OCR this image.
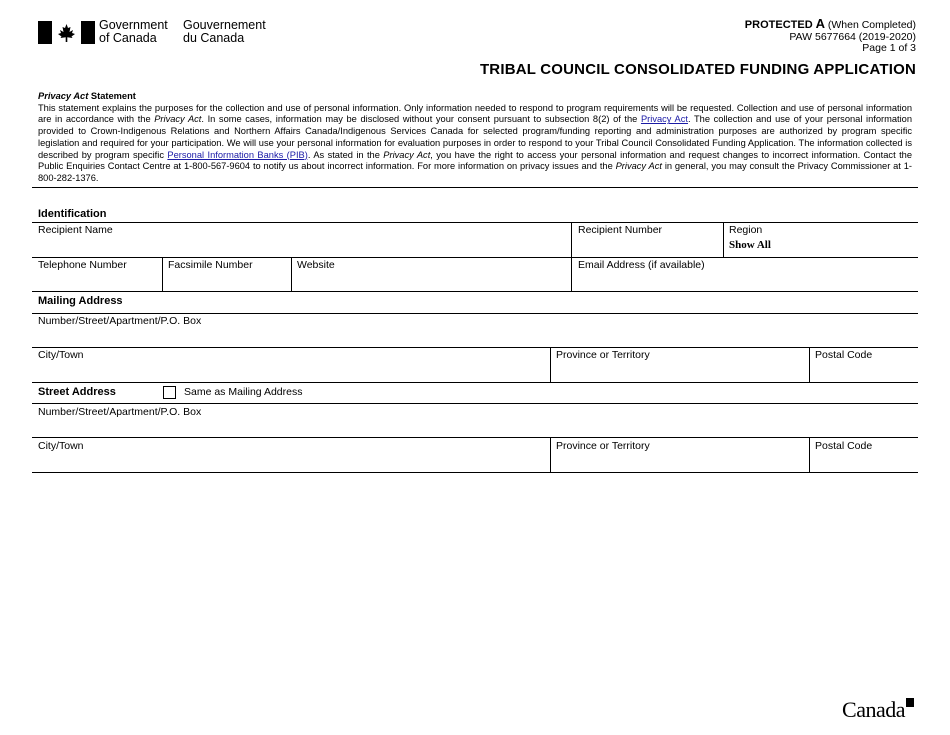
Government
of Canada
Gouvernement
du Canada
PROTECTED A (When Completed)
PAW 5677664 (2019-2020)
Page 1 of 3
TRIBAL COUNCIL CONSOLIDATED FUNDING APPLICATION
Privacy Act Statement
This statement explains the purposes for the collection and use of personal information. Only information needed to respond to program requirements will be requested. Collection and use of personal information are in accordance with the Privacy Act. In some cases, information may be disclosed without your consent pursuant to subsection 8(2) of the Privacy Act. The collection and use of your personal information provided to Crown-Indigenous Relations and Northern Affairs Canada/Indigenous Services Canada for selected program/funding reporting and administration purposes are authorized by program specific legislation and required for your participation. We will use your personal information for evaluation purposes in order to respond to your Tribal Council Consolidated Funding Application. The information collected is described by program specific Personal Information Banks (PIB). As stated in the Privacy Act, you have the right to access your personal information and request changes to incorrect information. Contact the Public Enquiries Contact Centre at 1-800-567-9604 to notify us about incorrect information. For more information on privacy issues and the Privacy Act in general, you may consult the Privacy Commissioner at 1-800-282-1376.
Identification
Recipient Name	Recipient Number	Region
Show All
Telephone Number	Facsimile Number	Website	Email Address (if available)
Mailing Address
Number/Street/Apartment/P.O. Box
City/Town	Province or Territory	Postal Code
Street Address	Same as Mailing Address
Number/Street/Apartment/P.O. Box
City/Town	Province or Territory	Postal Code
Canada
